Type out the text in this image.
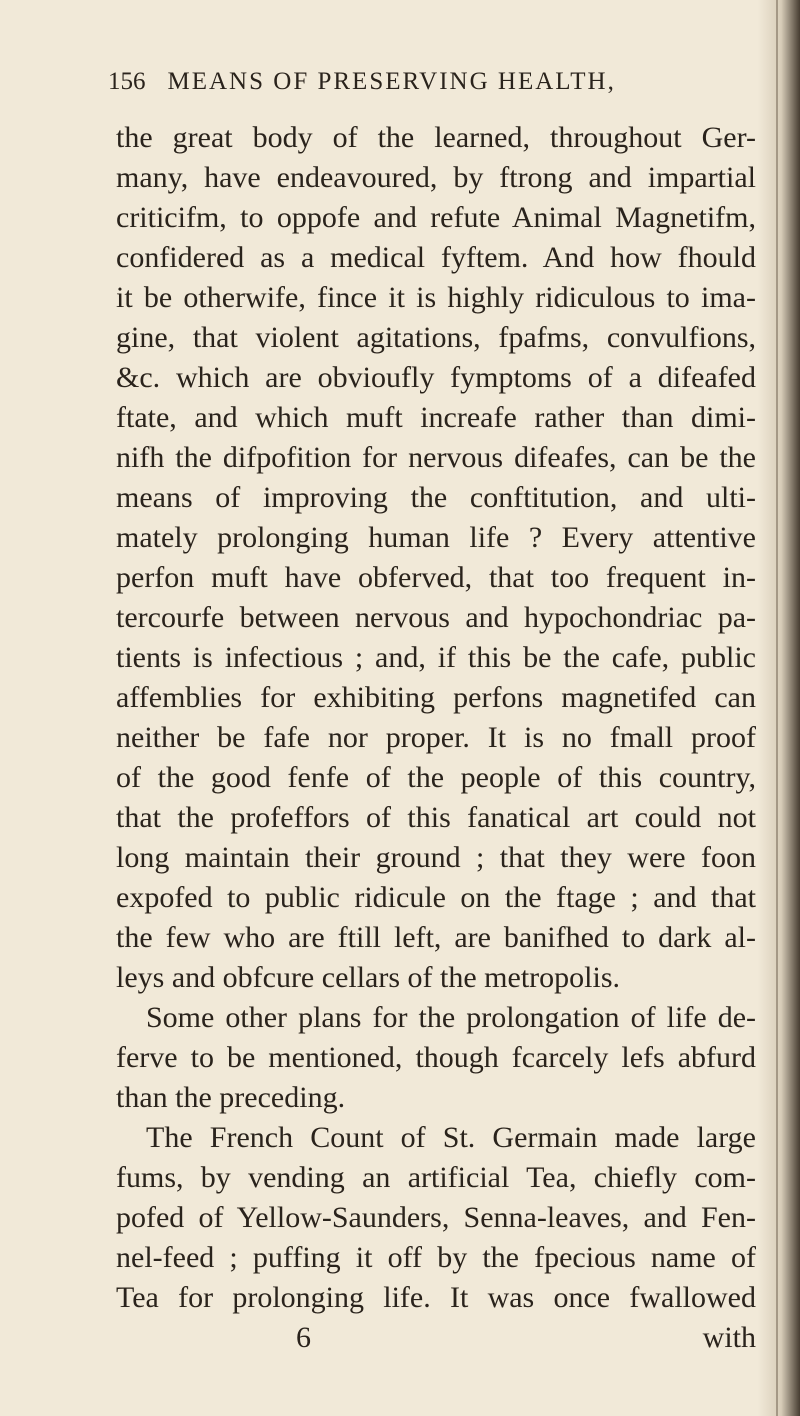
156 MEANS OF PRESERVING HEALTH,
the great body of the learned, throughout Ger-
many, have endeavoured, by ftrong and impartial
criticifm, to oppofe and refute Animal Magnetifm,
confidered as a medical fyftem. And how fhould
it be otherwife, fince it is highly ridiculous to ima-
gine, that violent agitations, fpafms, convulfions,
&c. which are obvioufly fymptoms of a difeafed
ftate, and which muft increafe rather than dimi-
nifh the difpofition for nervous difeafes, can be the
means of improving the conftitution, and ulti-
mately prolonging human life ? Every attentive
perfon muft have obferved, that too frequent in-
tercourfe between nervous and hypochondriac pa-
tients is infectious ; and, if this be the cafe, public
affemblies for exhibiting perfons magnetifed can
neither be fafe nor proper. It is no fmall proof
of the good fenfe of the people of this country,
that the profeffors of this fanatical art could not
long maintain their ground ; that they were foon
expofed to public ridicule on the ftage ; and that
the few who are ftill left, are banifhed to dark al-
leys and obfcure cellars of the metropolis.
Some other plans for the prolongation of life de-
ferve to be mentioned, though fcarcely lefs abfurd
than the preceding.
The French Count of St. Germain made large
fums, by vending an artificial Tea, chiefly com-
pofed of Yellow-Saunders, Senna-leaves, and Fen-
nel-feed ; puffing it off by the fpecious name of
Tea for prolonging life. It was once fwallowed
6	with
